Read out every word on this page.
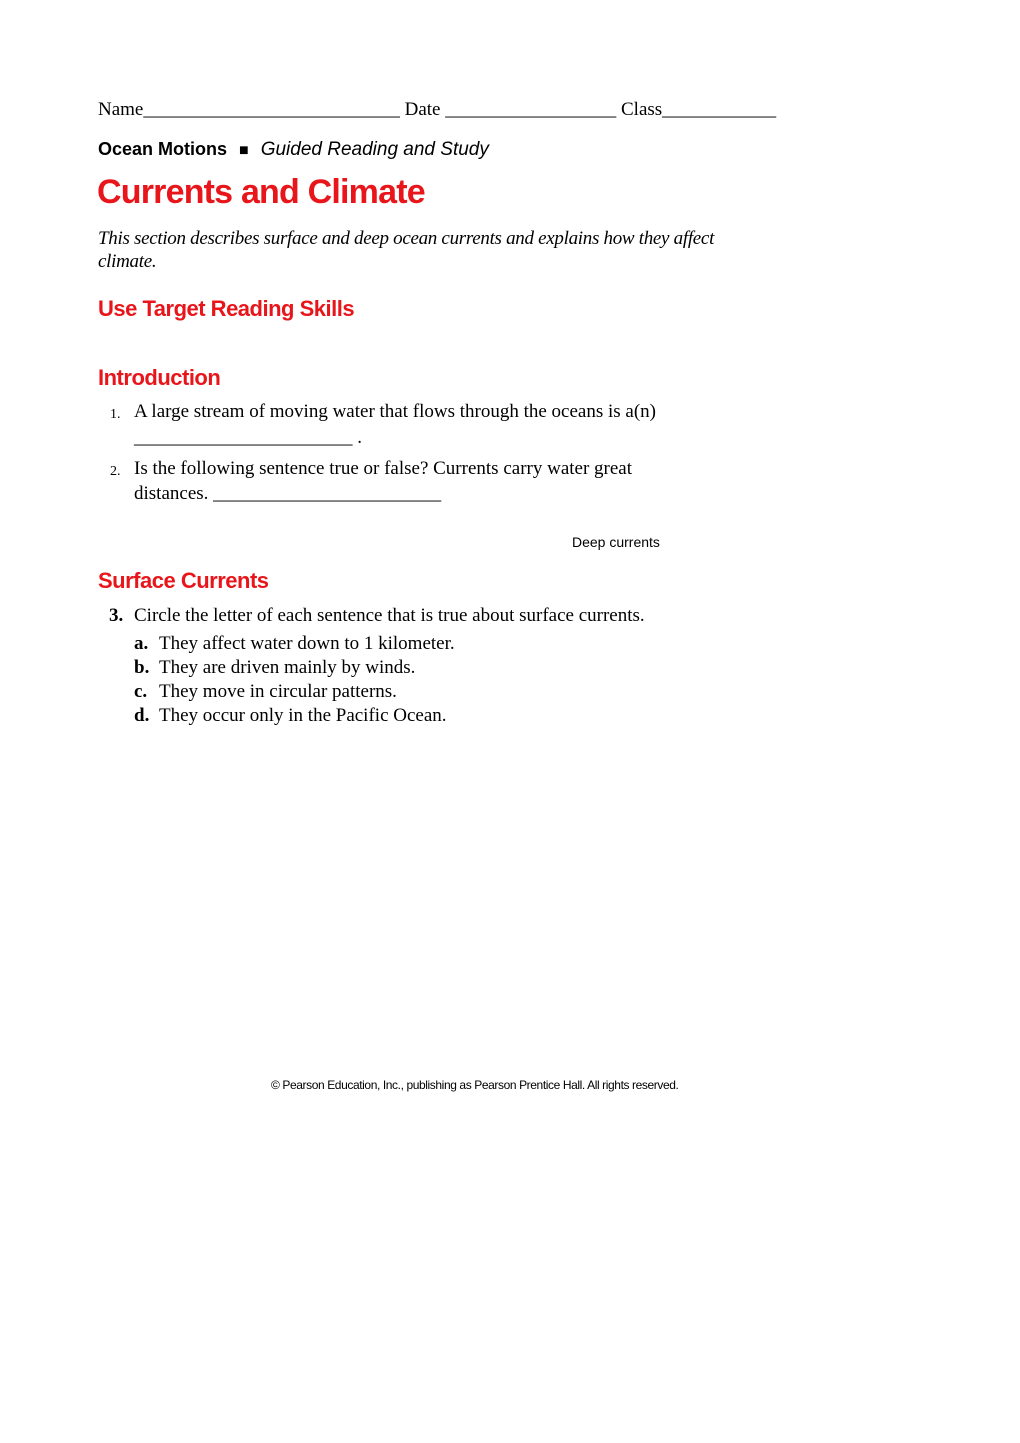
Name___________________________ Date __________________ Class____________
Ocean Motions ■ Guided Reading and Study
Currents and Climate
This section describes surface and deep ocean currents and explains how they affect climate.
Use Target Reading Skills
Introduction
1. A large stream of moving water that flows through the oceans is a(n)
_______________________ .
2. Is the following sentence true or false? Currents carry water great
distances. ________________________
Deep currents
Surface Currents
3. Circle the letter of each sentence that is true about surface currents.
a. They affect water down to 1 kilometer.
b. They are driven mainly by winds.
c. They move in circular patterns.
d. They occur only in the Pacific Ocean.
© Pearson Education, Inc., publishing as Pearson Prentice Hall. All rights reserved.
